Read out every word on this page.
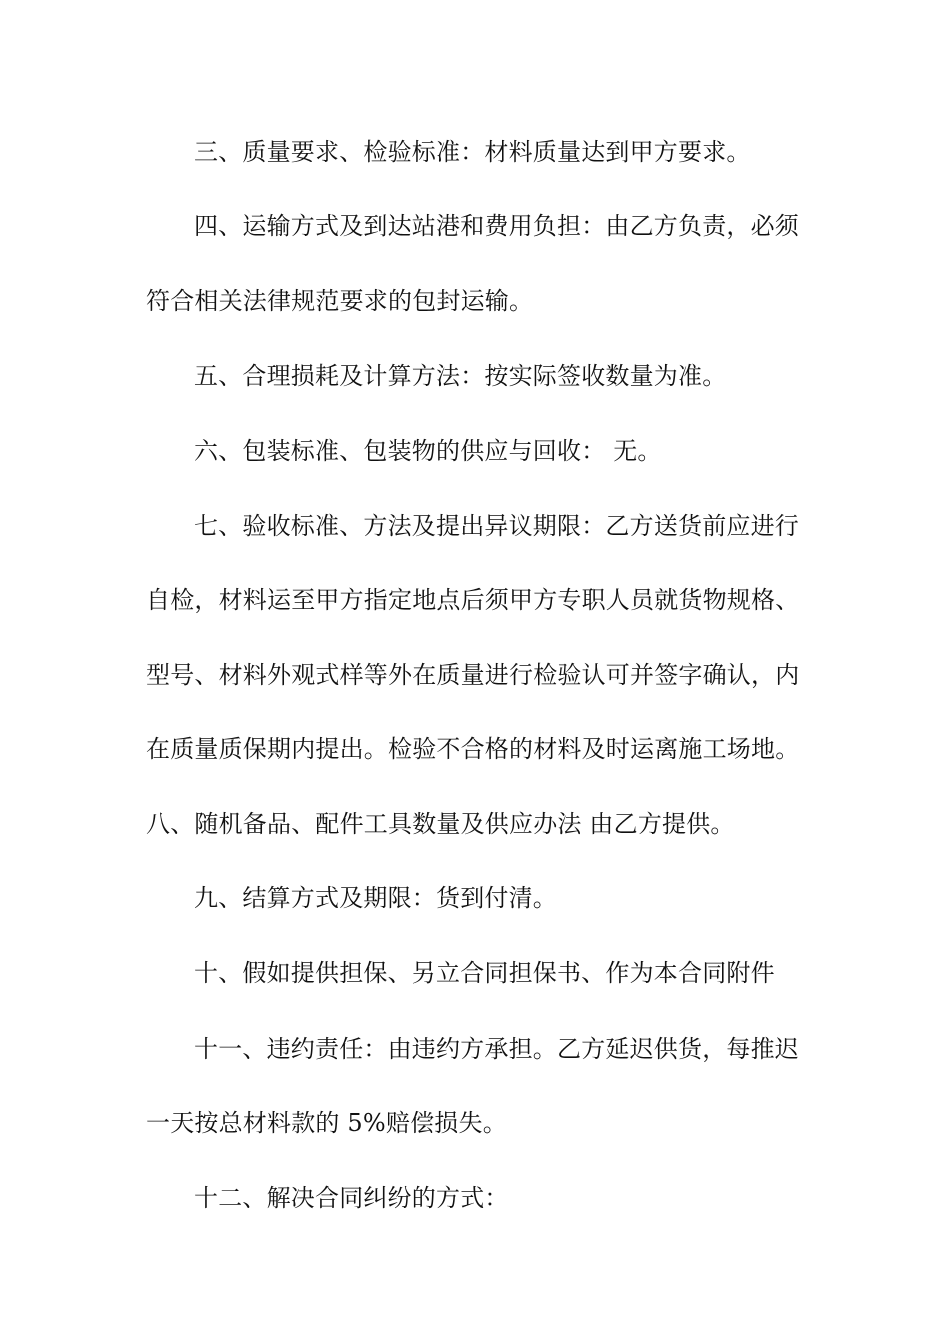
三、质量要求、检验标准：材料质量达到甲方要求。
四、运输方式及到达站港和费用负担：由乙方负责，必须
符合相关法律规范要求的包封运输。
五、合理损耗及计算方法：按实际签收数量为准。
六、包装标准、包装物的供应与回收： 无。
七、验收标准、方法及提出异议期限：乙方送货前应进行
自检，材料运至甲方指定地点后须甲方专职人员就货物规格、
型号、材料外观式样等外在质量进行检验认可并签字确认，内
在质量质保期内提出。检验不合格的材料及时运离施工场地。
八、随机备品、配件工具数量及供应办法 由乙方提供。
九、结算方式及期限：货到付清。
十、假如提供担保、另立合同担保书、作为本合同附件
十一、违约责任：由违约方承担。乙方延迟供货，每推迟
一天按总材料款的 5%赔偿损失。
十二、解决合同纠纷的方式：
